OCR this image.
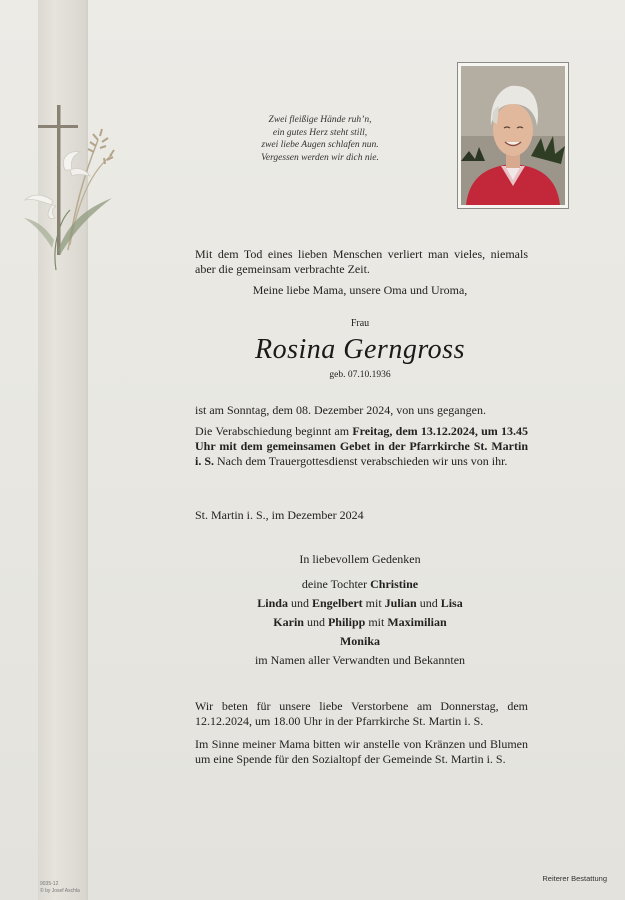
Zwei fleißige Hände ruh’n,
ein gutes Herz steht still,
zwei liebe Augen schlafen nun.
Vergessen werden wir dich nie.
Mit dem Tod eines lieben Menschen verliert man vieles, niemals aber die gemeinsam verbrachte Zeit.
Meine liebe Mama, unsere Oma und Uroma,
Frau
Rosina Gerngross
geb. 07.10.1936
ist am Sonntag, dem 08. Dezember 2024, von uns gegangen.
Die Verabschiedung beginnt am Freitag, dem 13.12.2024, um 13.45 Uhr mit dem gemeinsamen Gebet in der Pfarrkirche St. Martin i. S. Nach dem Trauergottesdienst verabschieden wir uns von ihr.
St. Martin i. S., im Dezember 2024
In liebevollem Gedenken
deine Tochter Christine
Linda und Engelbert mit Julian und Lisa
Karin und Philipp mit Maximilian
Monika
im Namen aller Verwandten und Bekannten
Wir beten für unsere liebe Verstorbene am Donnerstag, dem 12.12.2024, um 18.00 Uhr in der Pfarrkirche St. Martin i. S.
Im Sinne meiner Mama bitten wir anstelle von Kränzen und Blumen um eine Spende für den Sozialtopf der Gemeinde St. Martin i. S.
9035-12
© by Josef Aschla
Reiterer Bestattung
